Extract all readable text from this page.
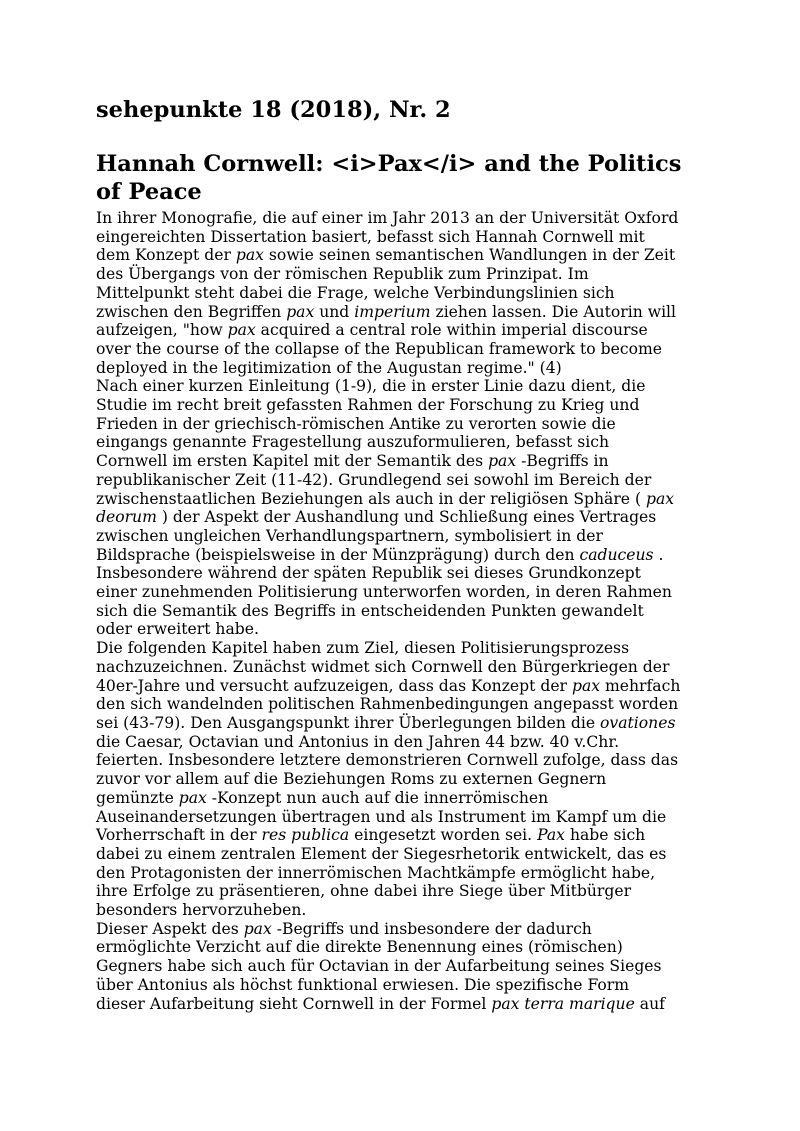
sehepunkte 18 (2018), Nr. 2
Hannah Cornwell: <i>Pax</i> and the Politics
of Peace
In ihrer Monografie, die auf einer im Jahr 2013 an der Universität Oxford
eingereichten Dissertation basiert, befasst sich Hannah Cornwell mit
dem Konzept der pax sowie seinen semantischen Wandlungen in der Zeit
des Übergangs von der römischen Republik zum Prinzipat. Im
Mittelpunkt steht dabei die Frage, welche Verbindungslinien sich
zwischen den Begriffen pax und imperium ziehen lassen. Die Autorin will
aufzeigen, "how pax acquired a central role within imperial discourse
over the course of the collapse of the Republican framework to become
deployed in the legitimization of the Augustan regime." (4)
Nach einer kurzen Einleitung (1-9), die in erster Linie dazu dient, die
Studie im recht breit gefassten Rahmen der Forschung zu Krieg und
Frieden in der griechisch-römischen Antike zu verorten sowie die
eingangs genannte Fragestellung auszuformulieren, befasst sich
Cornwell im ersten Kapitel mit der Semantik des pax -Begriffs in
republikanischer Zeit (11-42). Grundlegend sei sowohl im Bereich der
zwischenstaatlichen Beziehungen als auch in der religiösen Sphäre ( pax
deorum ) der Aspekt der Aushandlung und Schließung eines Vertrages
zwischen ungleichen Verhandlungspartnern, symbolisiert in der
Bildsprache (beispielsweise in der Münzprägung) durch den caduceus .
Insbesondere während der späten Republik sei dieses Grundkonzept
einer zunehmenden Politisierung unterworfen worden, in deren Rahmen
sich die Semantik des Begriffs in entscheidenden Punkten gewandelt
oder erweitert habe.
Die folgenden Kapitel haben zum Ziel, diesen Politisierungsprozess
nachzuzeichnen. Zunächst widmet sich Cornwell den Bürgerkriegen der
40er-Jahre und versucht aufzuzeigen, dass das Konzept der pax mehrfach
den sich wandelnden politischen Rahmenbedingungen angepasst worden
sei (43-79). Den Ausgangspunkt ihrer Überlegungen bilden die ovationes
die Caesar, Octavian und Antonius in den Jahren 44 bzw. 40 v.Chr.
feierten. Insbesondere letztere demonstrieren Cornwell zufolge, dass das
zuvor vor allem auf die Beziehungen Roms zu externen Gegnern
gemünzte pax -Konzept nun auch auf die innerrömischen
Auseinandersetzungen übertragen und als Instrument im Kampf um die
Vorherrschaft in der res publica eingesetzt worden sei. Pax habe sich
dabei zu einem zentralen Element der Siegesrhetorik entwickelt, das es
den Protagonisten der innerrömischen Machtkämpfe ermöglicht habe,
ihre Erfolge zu präsentieren, ohne dabei ihre Siege über Mitbürger
besonders hervorzuheben.
Dieser Aspekt des pax -Begriffs und insbesondere der dadurch
ermöglichte Verzicht auf die direkte Benennung eines (römischen)
Gegners habe sich auch für Octavian in der Aufarbeitung seines Sieges
über Antonius als höchst funktional erwiesen. Die spezifische Form
dieser Aufarbeitung sieht Cornwell in der Formel pax terra marique auf
